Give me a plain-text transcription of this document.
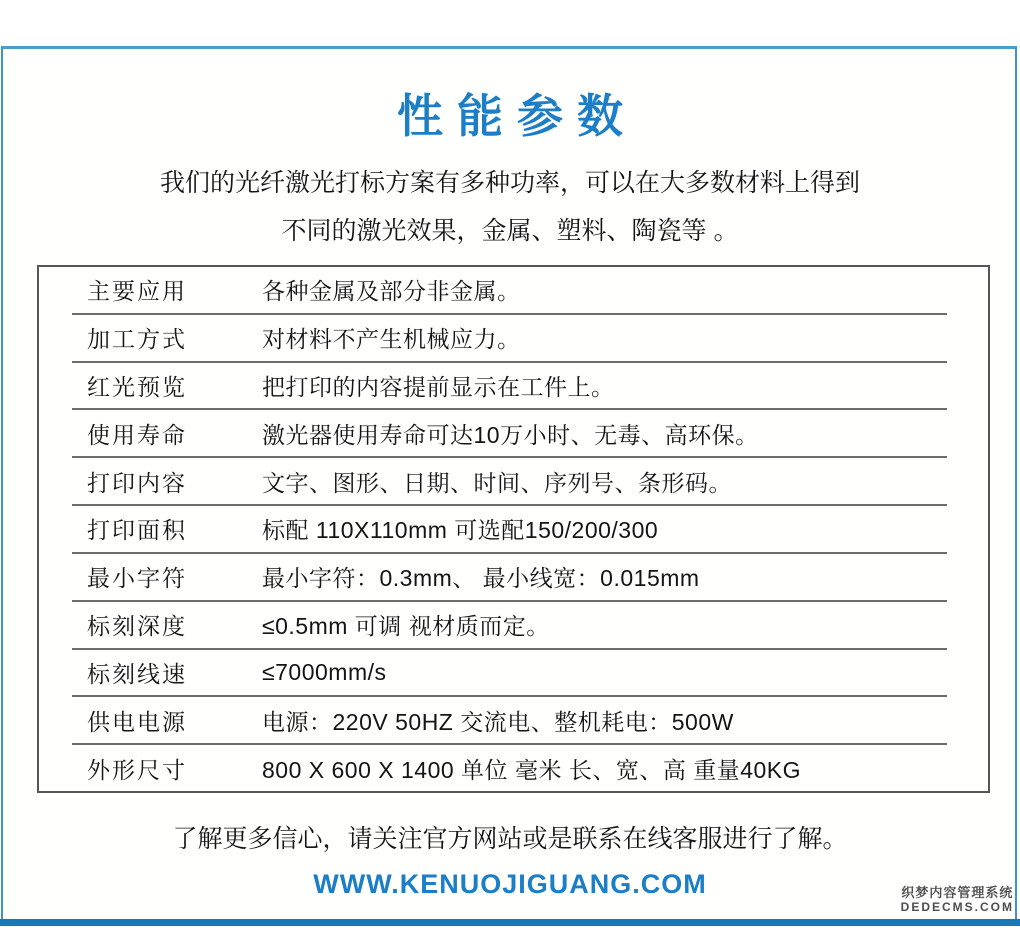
性能参数
我们的光纤激光打标方案有多种功率，可以在大多数材料上得到
不同的激光效果，金属、塑料、陶瓷等 。
主要应用	各种金属及部分非金属。
加工方式	对材料不产生机械应力。
红光预览	把打印的内容提前显示在工件上。
使用寿命	激光器使用寿命可达10万小时、无毒、高环保。
打印内容	文字、图形、日期、时间、序列号、条形码。
打印面积	标配 110X110mm 可选配150/200/300
最小字符	最小字符：0.3mm、 最小线宽：0.015mm
标刻深度	≤0.5mm 可调 视材质而定。
标刻线速	≤7000mm/s
供电电源	电源：220V 50HZ 交流电、整机耗电：500W
外形尺寸	800 X 600 X 1400 单位 毫米 长、宽、高 重量40KG
了解更多信心，请关注官方网站或是联系在线客服进行了解。
WWW.KENUOJIGUANG.COM	织梦内容管理系统
DEDECMS.COM
